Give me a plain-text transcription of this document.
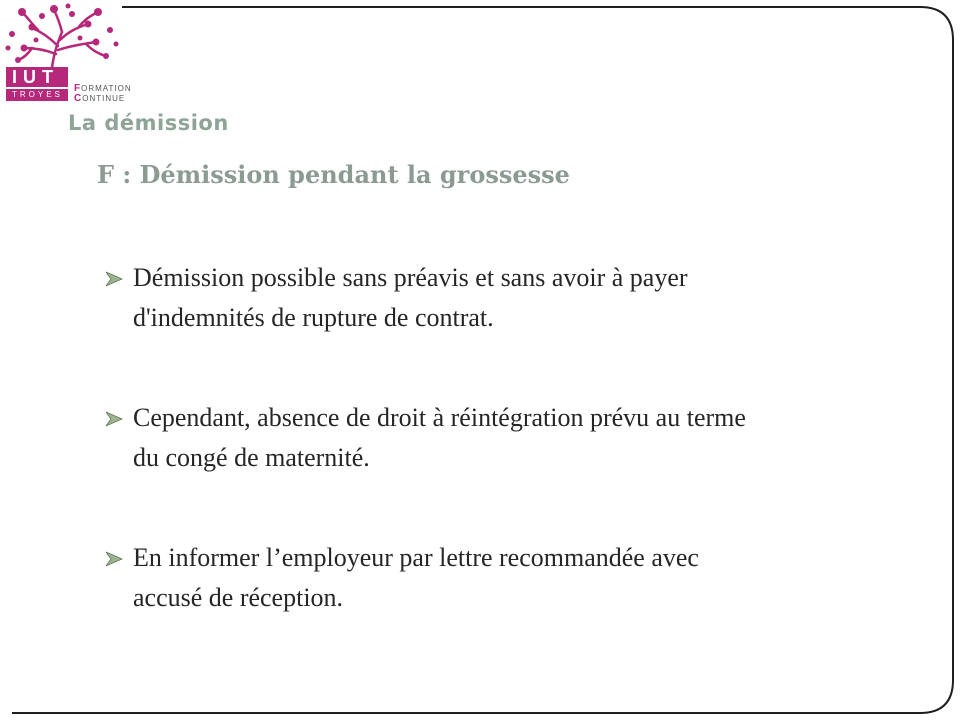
IUT
TROYES
FORMATION
CONTINUE
La démission
F : Démission pendant la grossesse
Démission possible sans préavis et sans avoir à payer
d'indemnités de rupture de contrat.
Cependant, absence de droit à réintégration prévu au terme
du congé de maternité.
En informer l’employeur par lettre recommandée avec
accusé de réception.
